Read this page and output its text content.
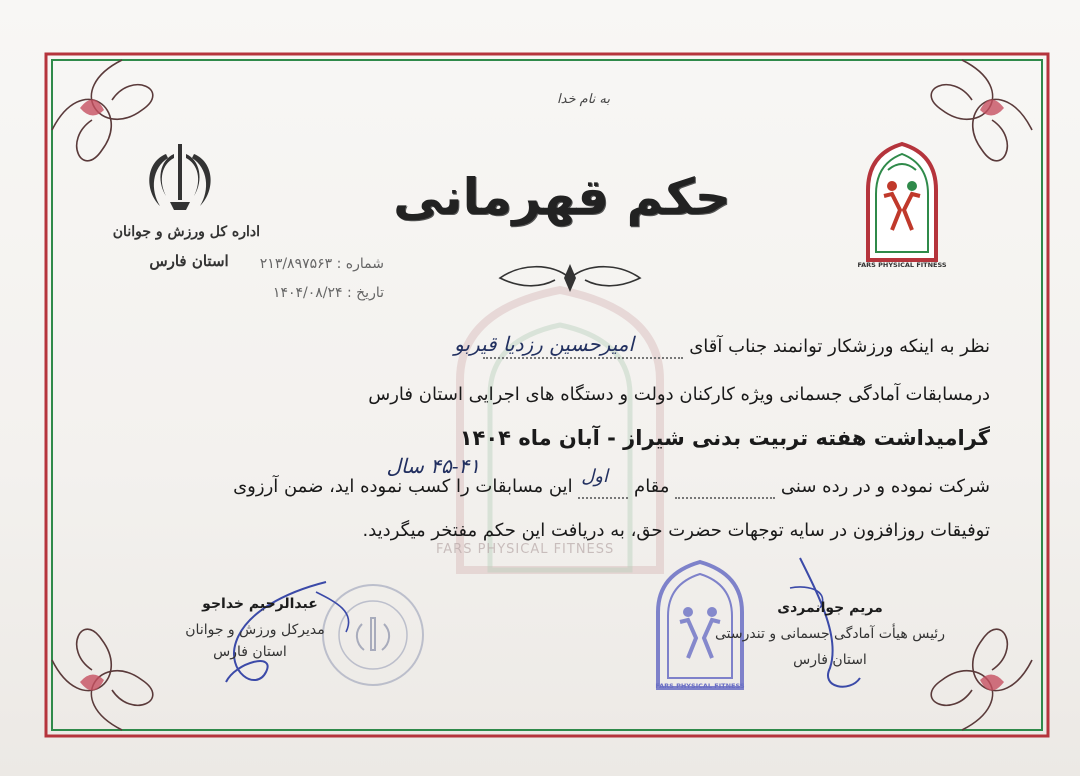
به نام خدا
حکم قهرمانی
اداره کل ورزش و جوانان
استان فارس	شماره : ۲۱۳/۸۹۷۵۶۳
تاریخ : ۱۴۰۴/۰۸/۲۴
FARS PHYSICAL FITNESS
نظر به اینکه ورزشکار توانمند جناب آقای
امیرحسین رزدیا قیربو
درمسابقات آمادگی جسمانی ویژه کارکنان دولت و دستگاه های اجرایی استان فارس
گرامیداشت هفته تربیت بدنی شیراز - آبان ماه ۱۴۰۴
شرکت نموده و در رده سنی   مقام   این مسابقات را کسب نموده اید، ضمن آرزوی
۴۵-۴۱ سال	اول
توفیقات روزافزون در سایه توجهات حضرت حق، به دریافت این حکم مفتخر میگردید.
FARS PHYSICAL FITNESS
عبدالرحیم خداجو
مدیرکل ورزش و جوانان
استان فارس
FARS PHYSICAL FITNESS
مریم جوانمردی
رئیس هیأت آمادگی جسمانی و تندرستی
استان فارس
